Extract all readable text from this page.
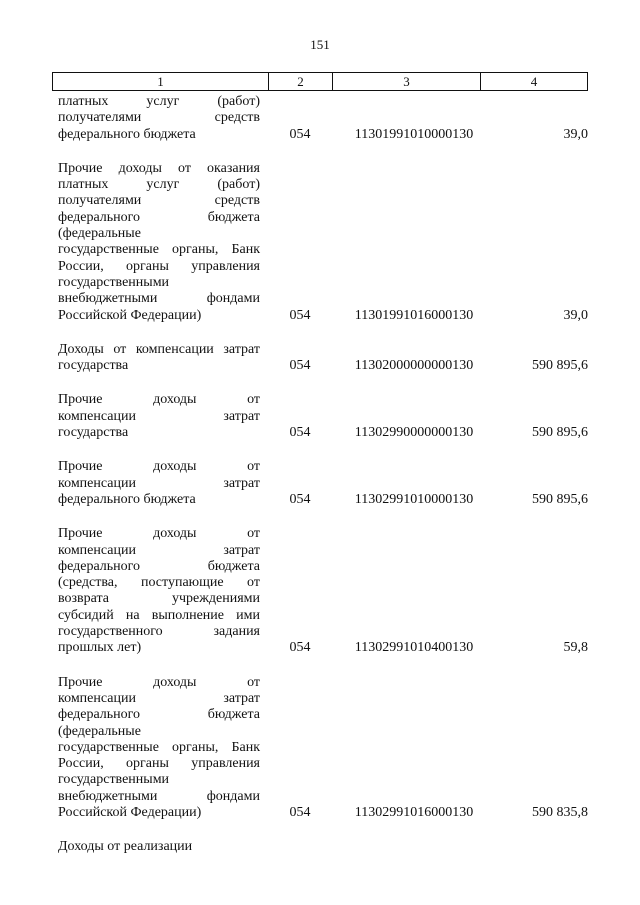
151
1	2	3	4
платных услуг (работ)
получателями средств
федерального бюджета	054	11301991010000130	39,0
Прочие доходы от оказания
платных услуг (работ)
получателями средств
федерального бюджета
(федеральные
государственные органы, Банк
России, органы управления
государственными
внебюджетными фондами
Российской Федерации)	054	11301991016000130	39,0
Доходы от компенсации затрат
государства	054	11302000000000130	590 895,6
Прочие доходы от
компенсации затрат
государства	054	11302990000000130	590 895,6
Прочие доходы от
компенсации затрат
федерального бюджета	054	11302991010000130	590 895,6
Прочие доходы от
компенсации затрат
федерального бюджета
(средства, поступающие от
возврата учреждениями
субсидий на выполнение ими
государственного задания
прошлых лет)	054	11302991010400130	59,8
Прочие доходы от
компенсации затрат
федерального бюджета
(федеральные
государственные органы, Банк
России, органы управления
государственными
внебюджетными фондами
Российской Федерации)	054	11302991016000130	590 835,8
Доходы от реализации
